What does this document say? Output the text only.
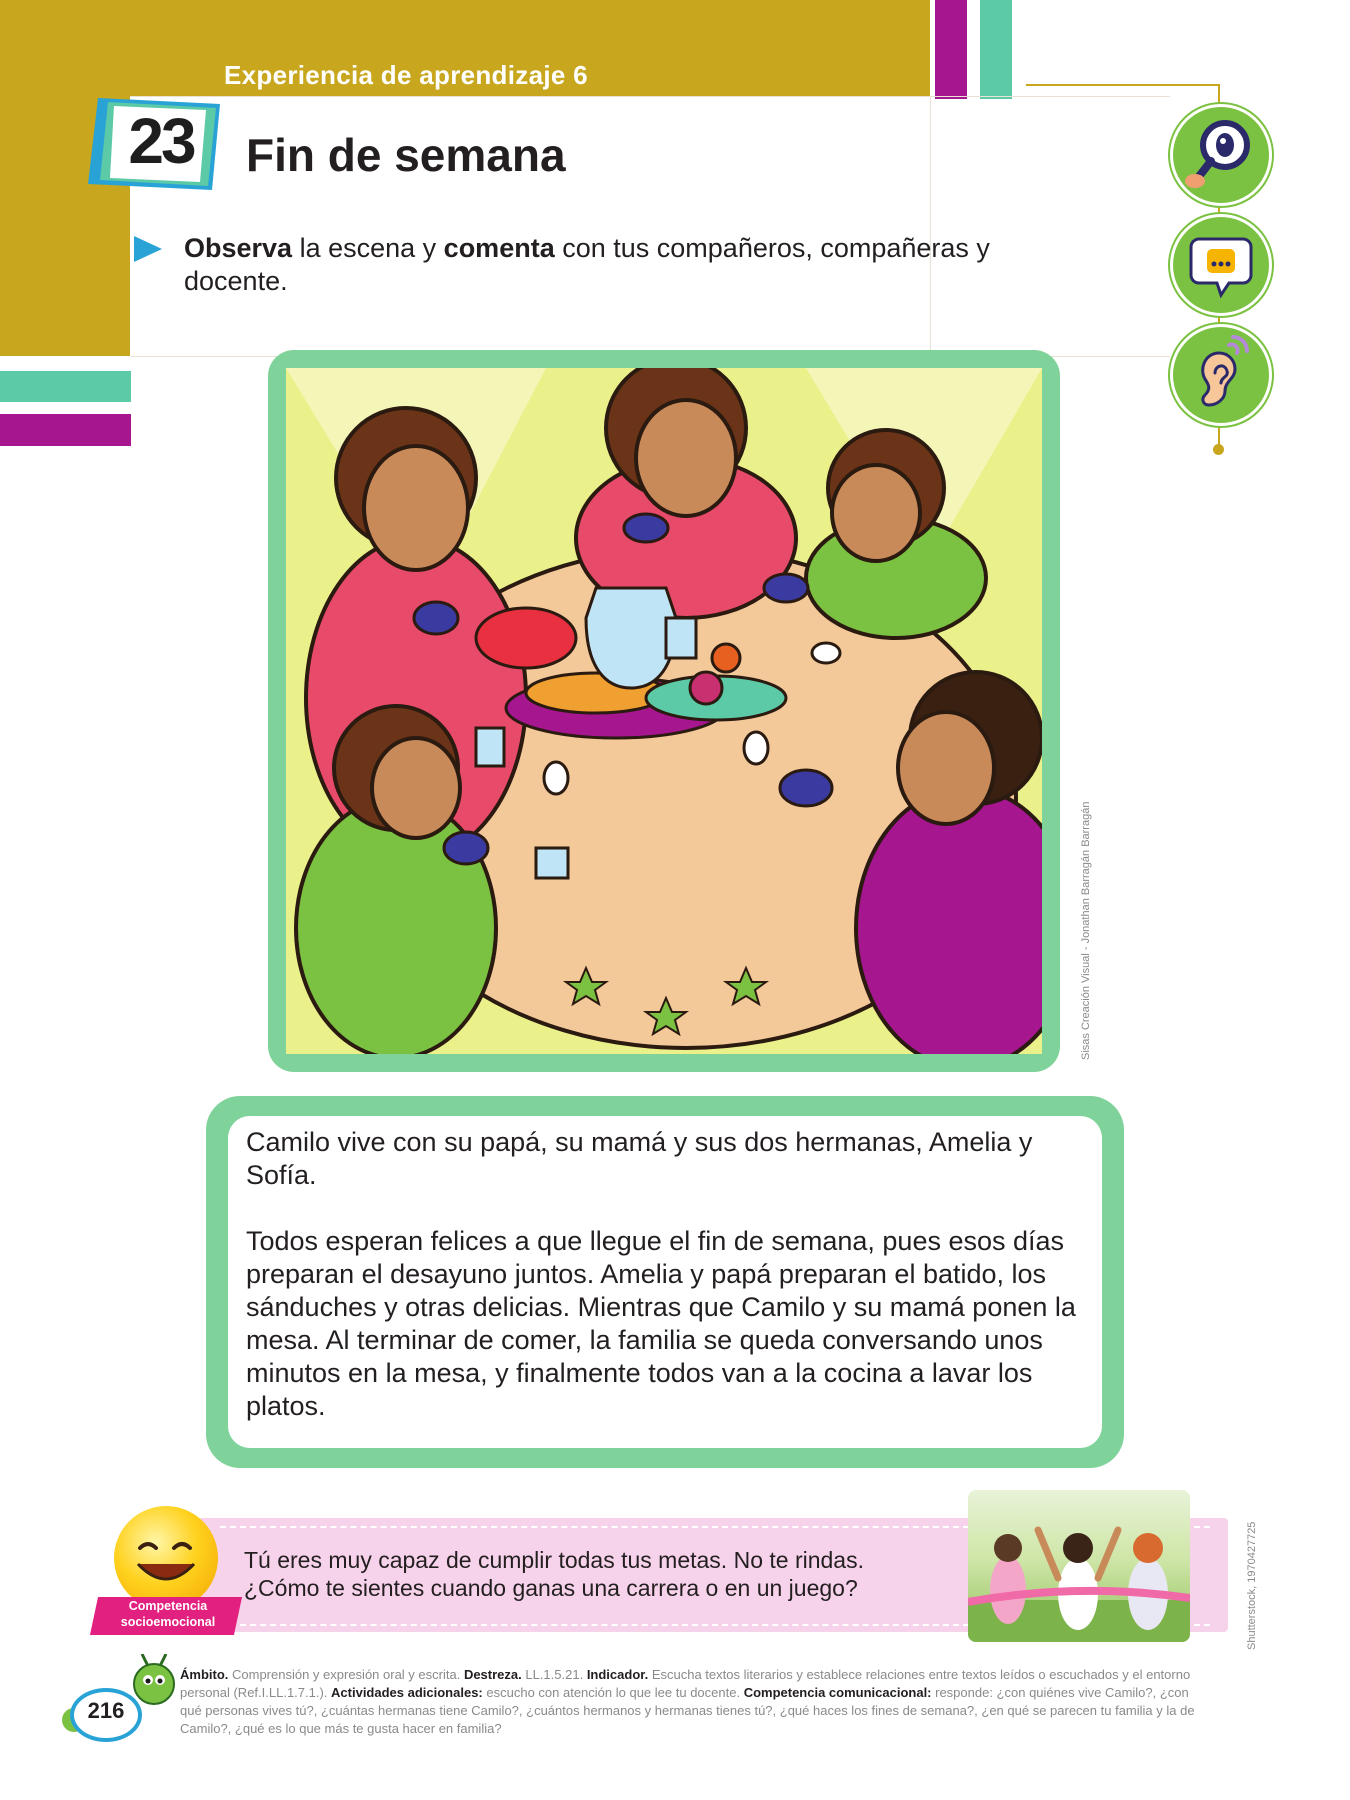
Experiencia de aprendizaje 6
23 Fin de semana
Observa la escena y comenta con tus compañeros, compañeras y docente.
Sisas Creación Visual - Jonathan Barragán Barragán

Camilo vive con su papá, su mamá y sus dos hermanas, Amelia y Sofía.

Todos esperan felices a que llegue el fin de semana, pues esos días preparan el desayuno juntos. Amelia y papá preparan el batido, los sánduches y otras delicias. Mientras que Camilo y su mamá ponen la mesa. Al terminar de comer, la familia se queda conversando unos minutos en la mesa, y finalmente todos van a la cocina a lavar los platos.

Competencia
socioemocional
Tú eres muy capaz de cumplir todas tus metas. No te rindas.
¿Cómo te sientes cuando ganas una carrera o en un juego?	Shutterstock, 1970427725
216
Ámbito. Comprensión y expresión oral y escrita. Destreza. LL.1.5.21. Indicador. Escucha textos literarios y establece relaciones entre textos leídos o escuchados y el entorno personal (Ref.I.LL.1.7.1.). Actividades adicionales: escucho con atención lo que lee tu docente. Competencia comunicacional: responde: ¿con quiénes vive Camilo?, ¿con qué personas vives tú?, ¿cuántas hermanas tiene Camilo?, ¿cuántos hermanos y hermanas tienes tú?, ¿qué haces los fines de semana?, ¿en qué se parecen tu familia y la de Camilo?, ¿qué es lo que más te gusta hacer en familia?
